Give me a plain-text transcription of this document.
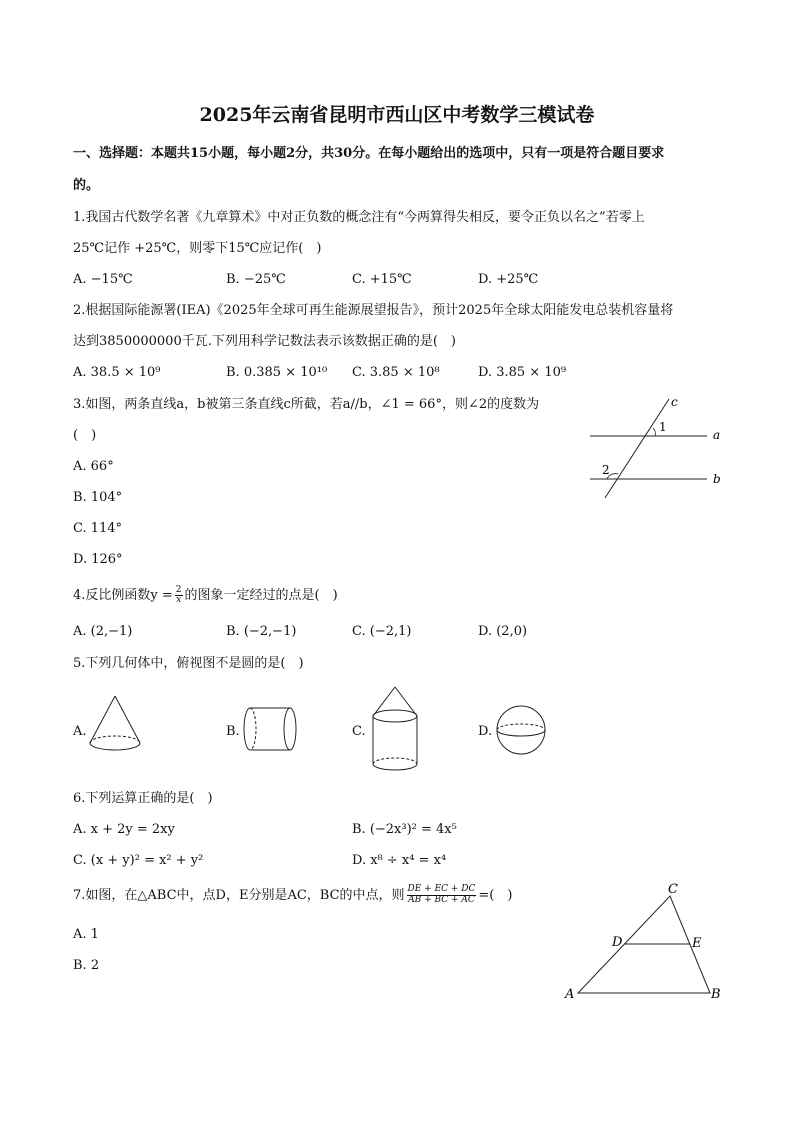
2025年云南省昆明市西山区中考数学三模试卷
一、选择题：本题共15小题，每小题2分，共30分。在每小题给出的选项中，只有一项是符合题目要求
的。
1.我国古代数学名著《九章算术》中对正负数的概念注有“今两算得失相反，要令正负以名之”若零上
25℃记作 +25℃，则零下15℃应记作(　)
A. −15℃	B. −25℃	C. +15℃	D. +25℃
2.根据国际能源署(IEA)《2025年全球可再生能源展望报告》，预计2025年全球太阳能发电总装机容量将
达到3850000000千瓦.下列用科学记数法表示该数据正确的是(　)
A. 38.5 × 10⁹	B. 0.385 × 10¹⁰ C. 3.85 × 10⁸	D. 3.85 × 10⁹
3.如图，两条直线a，b被第三条直线c所截，若a//b，∠1 = 66°，则∠2的度数为
(　)
A. 66°
B. 104°
C. 114°
D. 126°
c
a
b
1
2
4.反比例函数$y = \frac{2}{x}$ 的图象一定经过的点是(　)
A. (2,−1)	B. (−2,−1)	C. (−2,1)	D. (2,0)
5.下列几何体中，俯视图不是圆的是(　)
A.	B.	C.	D.
6.下列运算正确的是(　)
A. x + 2y = 2xy	B. (−2x³)² = 4x⁵
C. (x + y)² = x² + y²	D. x⁸ ÷ x⁴ = x⁴
7.如图，在△ABC中，点D，E分别是AC，BC的中点，则 $\frac{DE + EC + DC}{AB + BC + AC}$ =(　)
A. 1
B. 2
C
D	E
A	B
